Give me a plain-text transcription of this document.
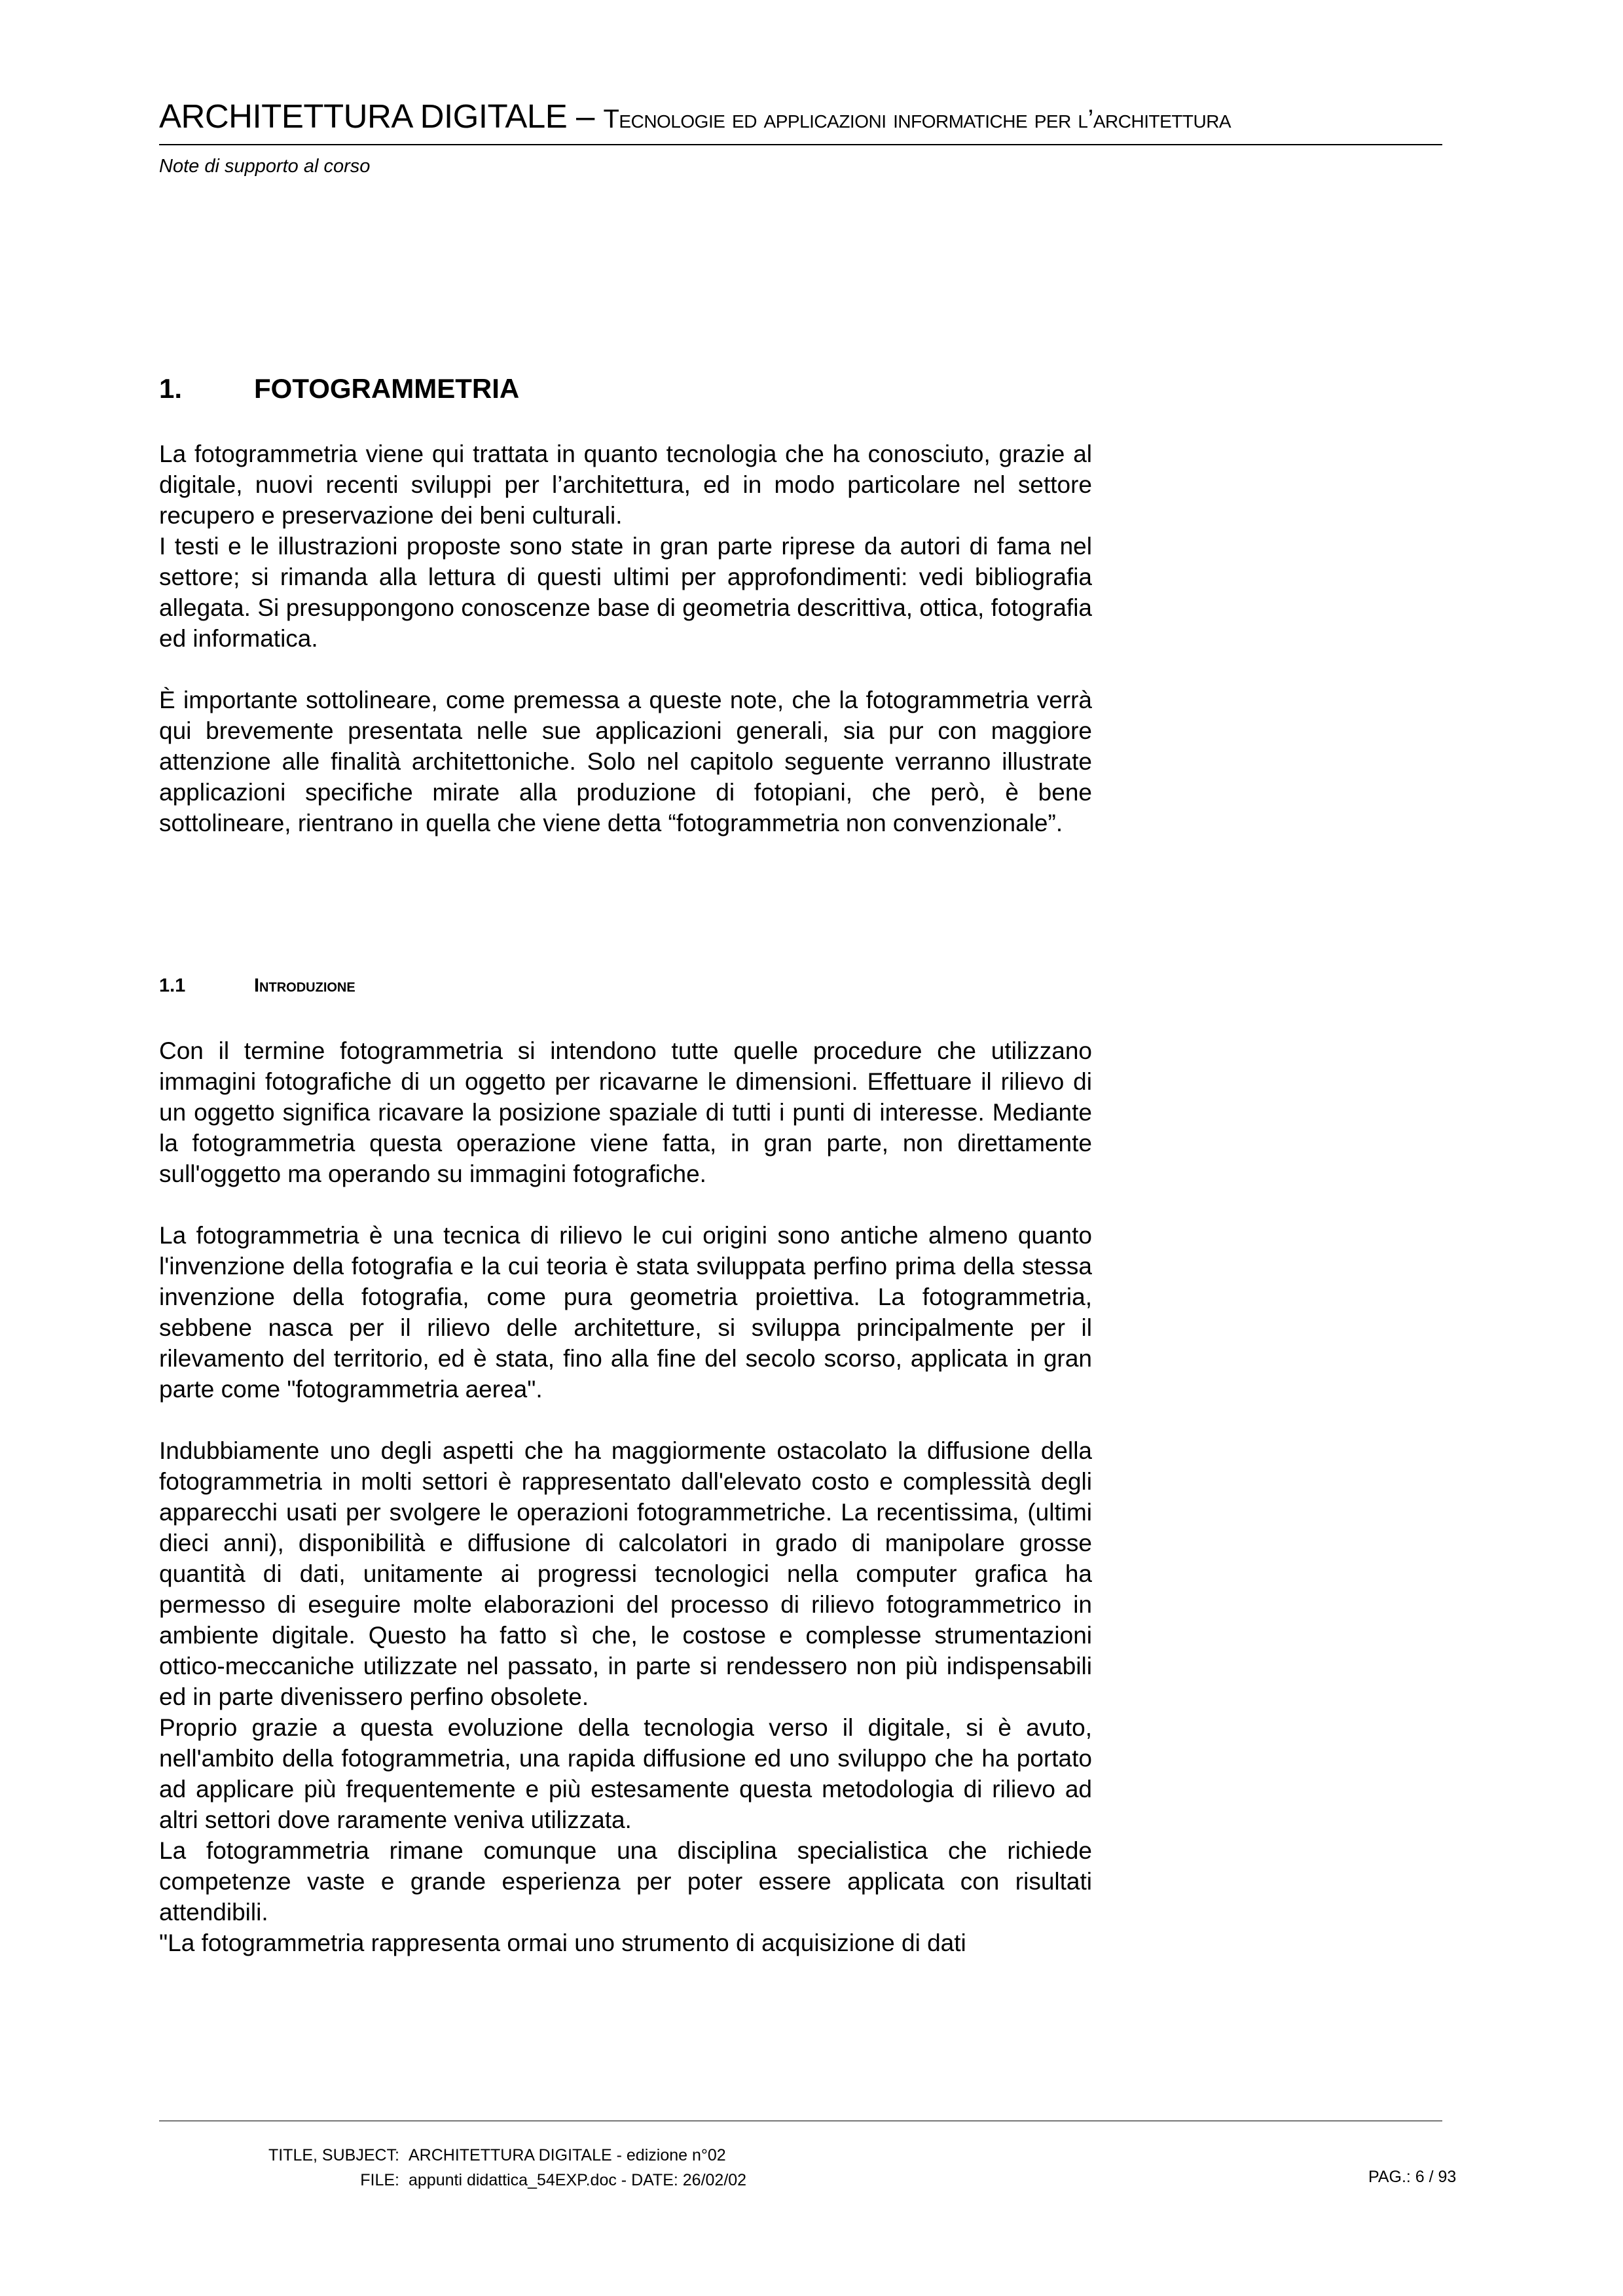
ARCHITETTURA DIGITALE – Tecnologie ed applicazioni informatiche per l’architettura
Note di supporto al corso
1.	FOTOGRAMMETRIA

La fotogrammetria viene qui trattata in quanto tecnologia che ha conosciuto, grazie al digitale, nuovi recenti sviluppi per l’architettura, ed in modo particolare nel settore recupero e preservazione dei beni culturali.

I testi e le illustrazioni proposte sono state in gran parte riprese da autori di fama nel settore; si rimanda alla lettura di questi ultimi per approfondimenti: vedi bibliografia allegata. Si presuppongono conoscenze base di geometria descrittiva, ottica, fotografia ed informatica.

È importante sottolineare, come premessa a queste note, che la fotogrammetria verrà qui brevemente presentata nelle sue applicazioni generali, sia pur con maggiore attenzione alle finalità architettoniche. Solo nel capitolo seguente verranno illustrate applicazioni specifiche mirate alla produzione di fotopiani, che però, è bene sottolineare, rientrano in quella che viene detta “fotogrammetria non convenzionale”.

1.1	Introduzione

Con il termine fotogrammetria si intendono tutte quelle procedure che utilizzano immagini fotografiche di un oggetto per ricavarne le dimensioni. Effettuare il rilievo di un oggetto significa ricavare la posizione spaziale di tutti i punti di interesse. Mediante la fotogrammetria questa operazione viene fatta, in gran parte, non direttamente sull'oggetto ma operando su immagini fotografiche.

La fotogrammetria è una tecnica di rilievo le cui origini sono antiche almeno quanto l'invenzione della fotografia e la cui teoria è stata sviluppata perfino prima della stessa invenzione della fotografia, come pura geometria proiettiva. La fotogrammetria, sebbene nasca per il rilievo delle architetture, si sviluppa principalmente per il rilevamento del territorio, ed è stata, fino alla fine del secolo scorso, applicata in gran parte come "fotogrammetria aerea".

Indubbiamente uno degli aspetti che ha maggiormente ostacolato la diffusione della fotogrammetria in molti settori è rappresentato dall'elevato costo e complessità degli apparecchi usati per svolgere le operazioni fotogrammetriche. La recentissima, (ultimi dieci anni), disponibilità e diffusione di calcolatori in grado di manipolare grosse quantità di dati, unitamente ai progressi tecnologici nella computer grafica ha permesso di eseguire molte elaborazioni del processo di rilievo fotogrammetrico in ambiente digitale. Questo ha fatto sì che, le costose e complesse strumentazioni ottico-meccaniche utilizzate nel passato, in parte si rendessero non più indispensabili ed in parte divenissero perfino obsolete.

Proprio grazie a questa evoluzione della tecnologia verso il digitale, si è avuto, nell'ambito della fotogrammetria, una rapida diffusione ed uno sviluppo che ha portato ad applicare più frequentemente e più estesamente questa metodologia di rilievo ad altri settori dove raramente veniva utilizzata.

La fotogrammetria rimane comunque una disciplina specialistica che richiede competenze vaste e grande esperienza per poter essere applicata con risultati attendibili.

"La fotogrammetria rappresenta ormai uno strumento di acquisizione di dati

TITLE, SUBJECT: ARCHITETTURA DIGITALE - edizione n°02
FILE: appunti didattica_54EXP.doc - DATE: 26/02/02	PAG.: 6 / 93
